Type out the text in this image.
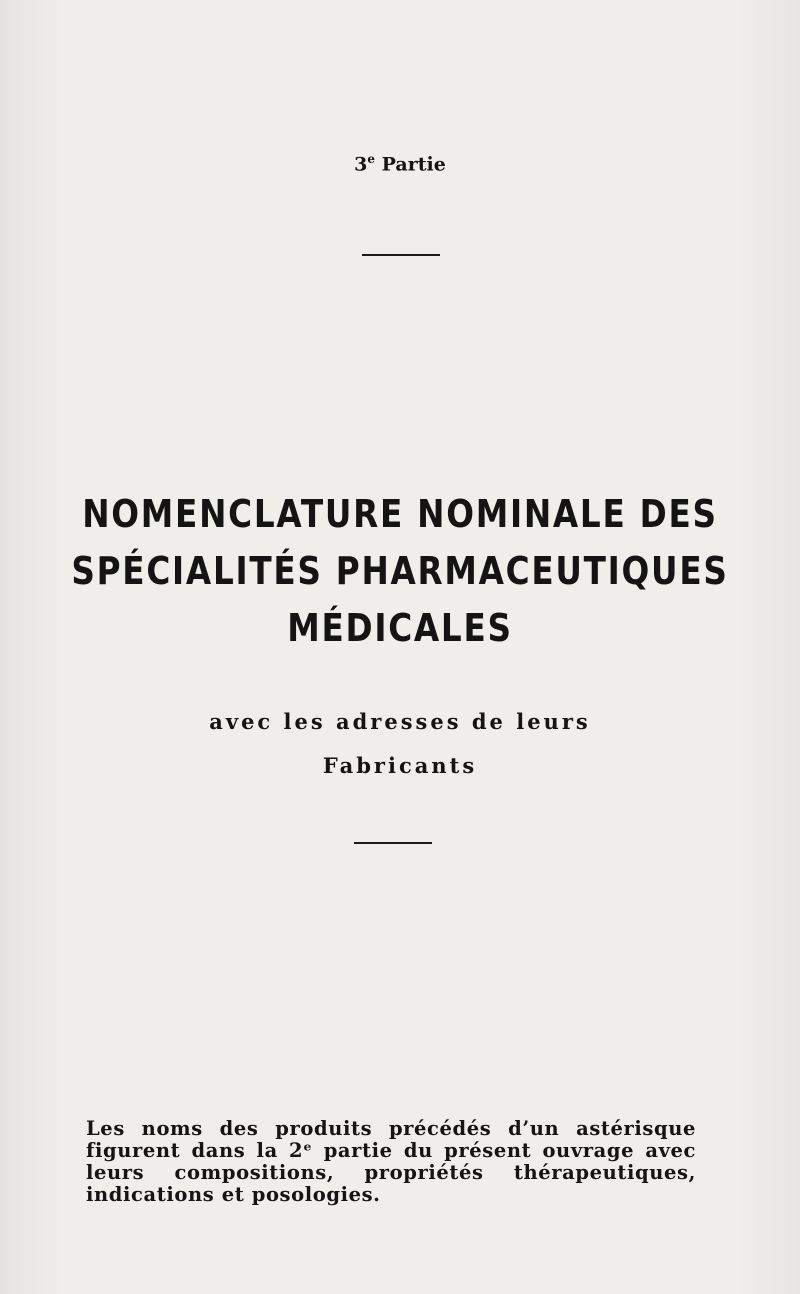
3e Partie
NOMENCLATURE NOMINALE DES
SPÉCIALITÉS PHARMACEUTIQUES
MÉDICALES
avec les adresses de leurs
Fabricants
Les noms des produits précédés d’un astérisque figurent dans la 2ᵉ partie du présent ouvrage avec leurs compositions, propriétés thérapeutiques, indications et posologies.
